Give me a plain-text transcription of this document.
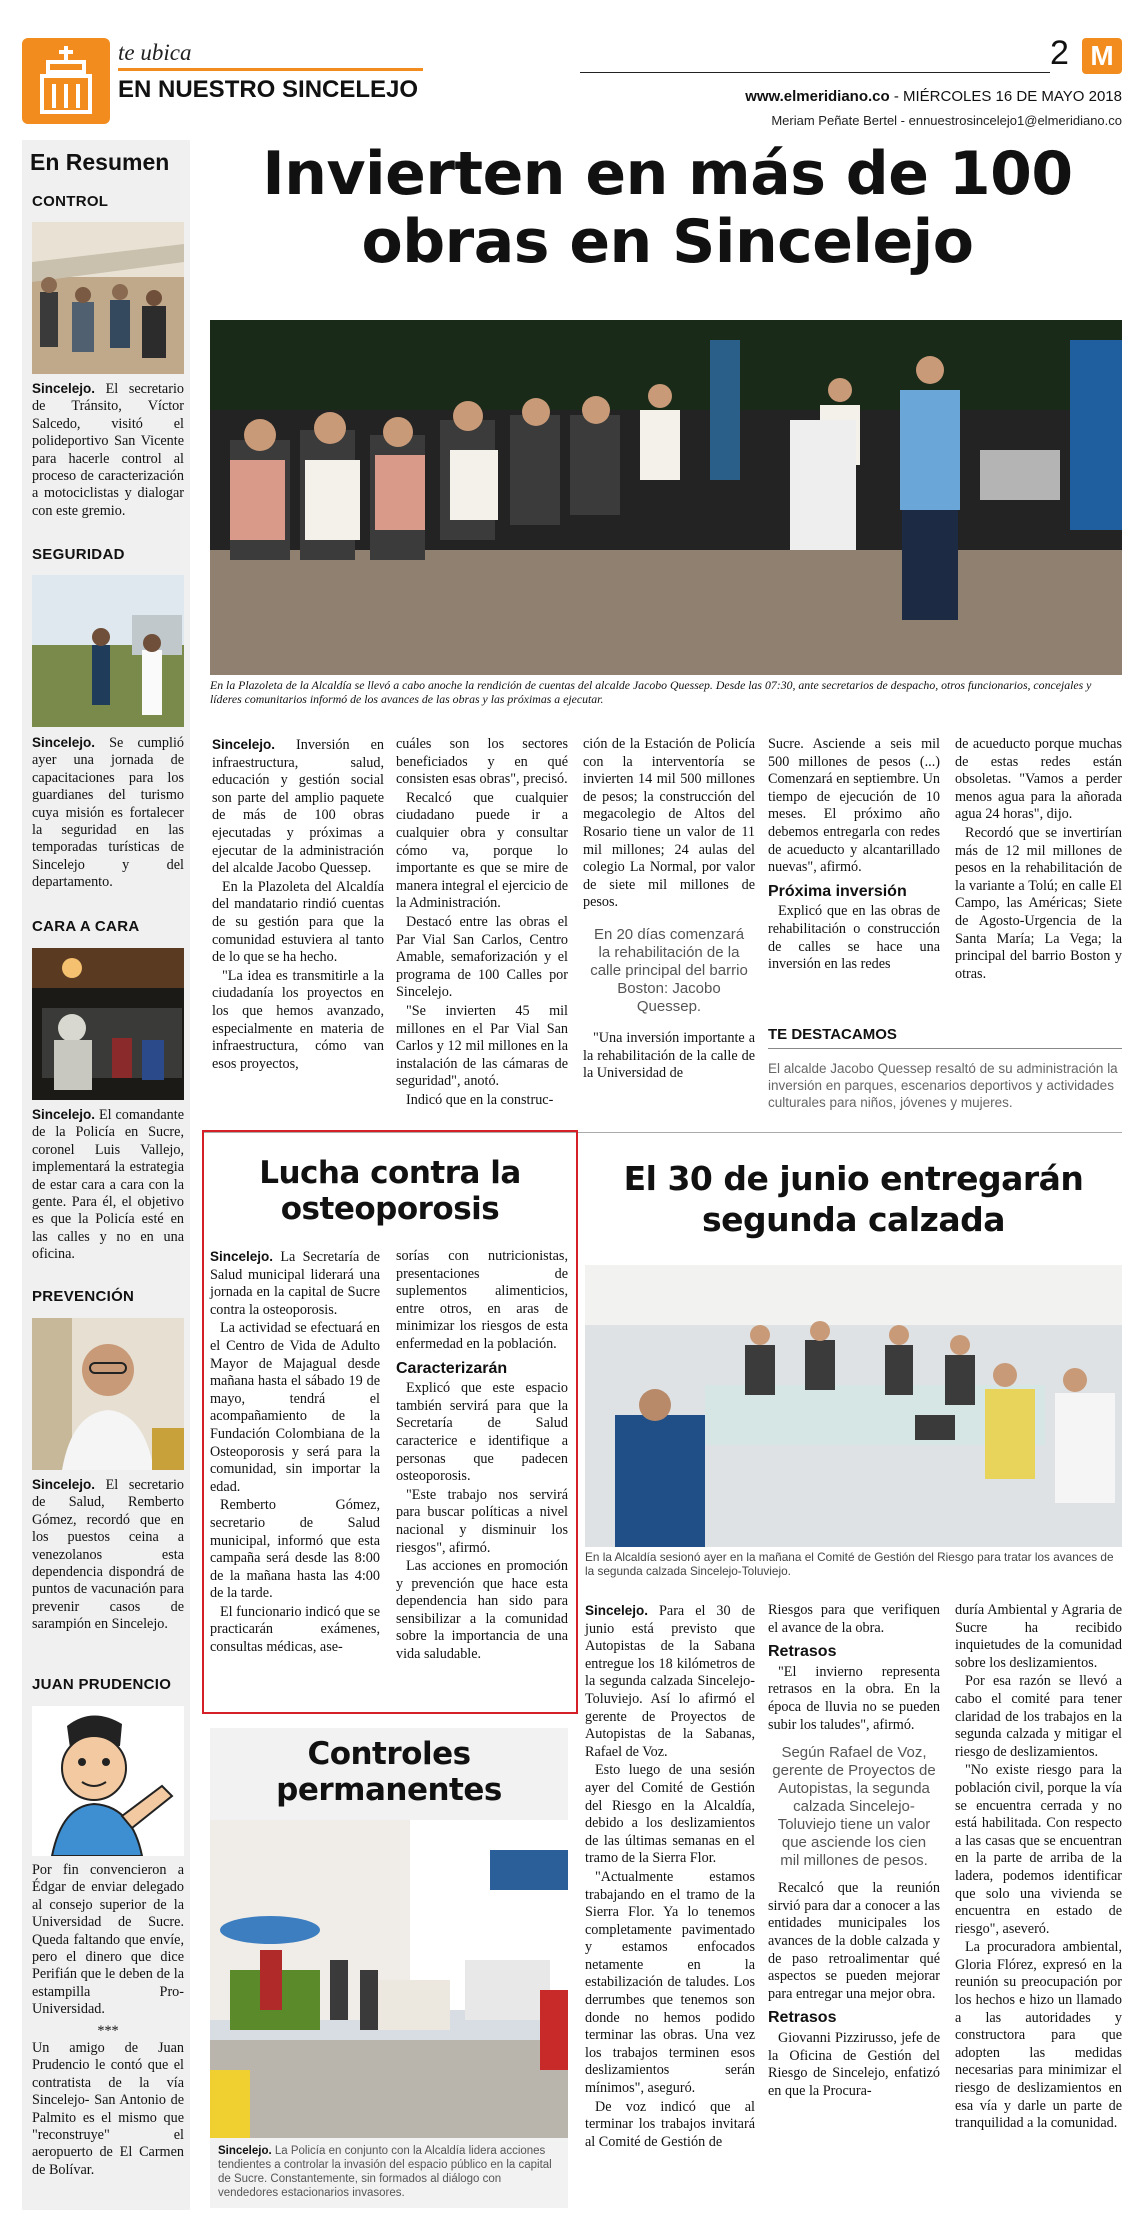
te ubica
EN NUESTRO SINCELEJO
2 M
www.elmeridiano.co - MIÉRCOLES 16 DE MAYO 2018
Meriam Peñate Bertel - ennuestrosincelejo1@elmeridiano.co
En Resumen
CONTROL
Sincelejo. El secretario de Tránsito, Víctor Salcedo, visitó el polideportivo San Vicente para hacerle control al proceso de caracterización a motociclistas y dialogar con este gremio.
SEGURIDAD
Sincelejo. Se cumplió ayer una jornada de capacitaciones para los guardianes del turismo cuya misión es fortalecer la seguridad en las temporadas turísticas de Sincelejo y del departamento.
CARA A CARA
Sincelejo. El comandante de la Policía en Sucre, coronel Luis Vallejo, implementará la estrategia de estar cara a cara con la gente. Para él, el objetivo es que la Policía esté en las calles y no en una oficina.
PREVENCIÓN
Sincelejo. El secretario de Salud, Remberto Gómez, recordó que en los puestos ceina a venezolanos esta dependencia dispondrá de puntos de vacunación para prevenir casos de sarampión en Sincelejo.
JUAN PRUDENCIO
Por fin convencieron a Édgar de enviar delegado al consejo superior de la Universidad de Sucre. Queda faltando que envíe, pero el dinero que dice Perifián que le deben de la estampilla Pro-Universidad.
***
Un amigo de Juan Prudencio le contó que el contratista de la vía Sincelejo- San Antonio de Palmito es el mismo que "reconstruye" el aeropuerto de El Carmen de Bolívar.
Invierten en más de 100 obras en Sincelejo
En la Plazoleta de la Alcaldía se llevó a cabo anoche la rendición de cuentas del alcalde Jacobo Quessep. Desde las 07:30, ante secretarios de despacho, otros funcionarios, concejales y líderes comunitarios informó de los avances de las obras y las próximas a ejecutar.

Sincelejo. Inversión en infraestructura, salud, educación y gestión social son parte del amplio paquete de más de 100 obras ejecutadas y próximas a ejecutar de la administración del alcalde Jacobo Quessep.

En la Plazoleta del Alcaldía del mandatario rindió cuentas de su gestión para que la comunidad estuviera al tanto de lo que se ha hecho.

"La idea es transmitirle a la ciudadanía los proyectos en los que hemos avanzado, especialmente en materia de infraestructura, cómo van esos proyectos,

cuáles son los sectores beneficiados y en qué consisten esas obras", precisó.

Recalcó que cualquier ciudadano puede ir a cualquier obra y consultar cómo va, porque lo importante es que se mire de manera integral el ejercicio de la Administración.

Destacó entre las obras el Par Vial San Carlos, Centro Amable, semaforización y el programa de 100 Calles por Sincelejo.

"Se invierten 45 mil millones en el Par Vial San Carlos y 12 mil millones en la instalación de las cámaras de seguridad", anotó.

Indicó que en la construc-

ción de la Estación de Policía con la interventoría se invierten 14 mil 500 millones de pesos; la construcción del megacolegio de Altos del Rosario tiene un valor de 11 mil millones; 24 aulas del colegio La Normal, por valor de siete mil millones de pesos.

En 20 días comenzará la rehabilitación de la calle principal del barrio Boston: Jacobo Quessep.

"Una inversión importante a la rehabilitación de la calle de la Universidad de

Sucre. Asciende a seis mil 500 millones de pesos (...) Comenzará en septiembre. Un tiempo de ejecución de 10 meses. El próximo año debemos entregarla con redes de acueducto y alcantarillado nuevas", afirmó.

Próxima inversión

Explicó que en las obras de rehabilitación o construcción de calles se hace una inversión en las redes

de acueducto porque muchas de estas redes están obsoletas. "Vamos a perder menos agua para la añorada agua 24 horas", dijo.

Recordó que se invertirían más de 12 mil millones de pesos en la rehabilitación de la variante a Tolú; en calle El Campo, las Américas; Siete de Agosto-Urgencia de la Santa María; La Vega; la principal del barrio Boston y otras.

TE DESTACAMOS
El alcalde Jacobo Quessep resaltó de su administración la inversión en parques, escenarios deportivos y actividades culturales para niños, jóvenes y mujeres.
Lucha contra la osteoporosis

Sincelejo. La Secretaría de Salud municipal liderará una jornada en la capital de Sucre contra la osteoporosis.

La actividad se efectuará en el Centro de Vida de Adulto Mayor de Majagual desde mañana hasta el sábado 19 de mayo, tendrá el acompañamiento de la Fundación Colombiana de la Osteoporosis y será para la comunidad, sin importar la edad.

Remberto Gómez, secretario de Salud municipal, informó que esta campaña será desde las 8:00 de la mañana hasta las 4:00 de la tarde.

El funcionario indicó que se practicarán exámenes, consultas médicas, ase-

sorías con nutricionistas, presentaciones de suplementos alimenticios, entre otros, en aras de minimizar los riesgos de esta enfermedad en la población.

Caracterizarán

Explicó que este espacio también servirá para que la Secretaría de Salud caracterice e identifique a personas que padecen osteoporosis.

"Este trabajo nos servirá para buscar políticas a nivel nacional y disminuir los riesgos", afirmó.

Las acciones en promoción y prevención que hace esta dependencia han sido para sensibilizar a la comunidad sobre la importancia de una vida saludable.

Controles permanentes
Sincelejo. La Policía en conjunto con la Alcaldía lidera acciones tendientes a controlar la invasión del espacio público en la capital de Sucre. Constantemente, sin formados al diálogo con vendedores estacionarios invasores.
El 30 de junio entregarán segunda calzada
En la Alcaldía sesionó ayer en la mañana el Comité de Gestión del Riesgo para tratar los avances de la segunda calzada Sincelejo-Toluviejo.

Sincelejo. Para el 30 de junio está previsto que Autopistas de la Sabana entregue los 18 kilómetros de la segunda calzada Sincelejo-Toluviejo. Así lo afirmó el gerente de Proyectos de Autopistas de la Sabanas, Rafael de Voz.

Esto luego de una sesión ayer del Comité de Gestión del Riesgo en la Alcaldía, debido a los deslizamientos de las últimas semanas en el tramo de la Sierra Flor.

"Actualmente estamos trabajando en el tramo de la Sierra Flor. Ya lo tenemos completamente pavimentado y estamos enfocados netamente en la estabilización de taludes. Los derrumbes que tenemos son donde no hemos podido terminar las obras. Una vez los trabajos terminen esos deslizamientos serán mínimos", aseguró.

De voz indicó que al terminar los trabajos invitará al Comité de Gestión de

Riesgos para que verifiquen el avance de la obra.

Retrasos

"El invierno representa retrasos en la obra. En la época de lluvia no se pueden subir los taludes", afirmó.

Según Rafael de Voz, gerente de Proyectos de Autopistas, la segunda calzada Sincelejo-Toluviejo tiene un valor que asciende los cien mil millones de pesos.

Recalcó que la reunión sirvió para dar a conocer a las entidades municipales los avances de la doble calzada y de paso retroalimentar qué aspectos se pueden mejorar para entregar una mejor obra.

Retrasos

Giovanni Pizzirusso, jefe de la Oficina de Gestión del Riesgo de Sincelejo, enfatizó en que la Procura-

duría Ambiental y Agraria de Sucre ha recibido inquietudes de la comunidad sobre los deslizamientos.

Por esa razón se llevó a cabo el comité para tener claridad de los trabajos en la segunda calzada y mitigar el riesgo de deslizamientos.

"No existe riesgo para la población civil, porque la vía se encuentra cerrada y no está habilitada. Con respecto a las casas que se encuentran en la parte de arriba de la ladera, podemos identificar que solo una vivienda se encuentra en estado de riesgo", aseveró.

La procuradora ambiental, Gloria Flórez, expresó en la reunión su preocupación por los hechos e hizo un llamado a las autoridades y constructora para que adopten las medidas necesarias para minimizar el riesgo de deslizamientos en esa vía y darle un parte de tranquilidad a la comunidad.
